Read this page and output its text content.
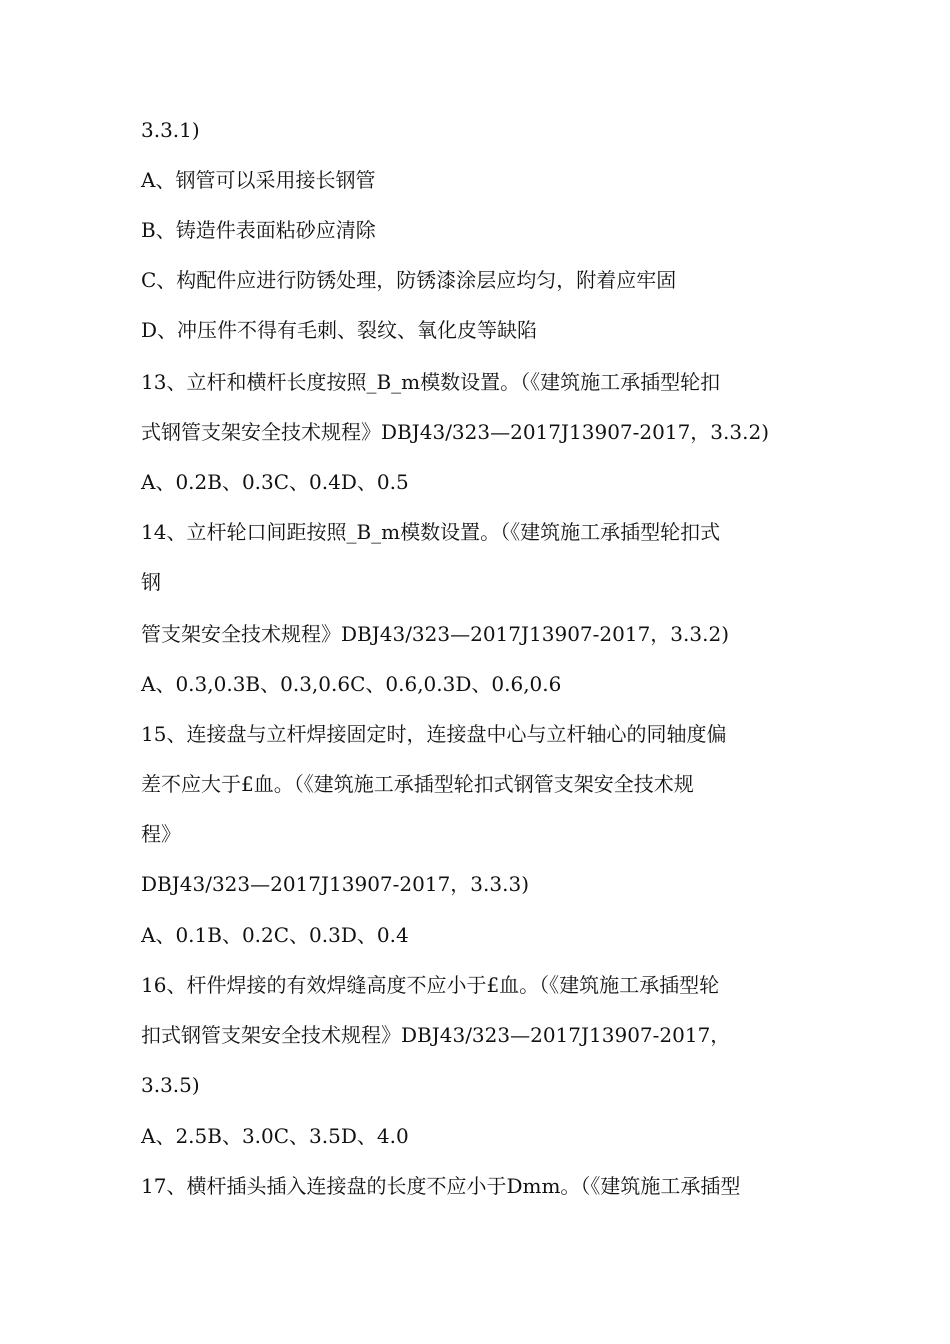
3.3.1)
A、钢管可以采用接长钢管
B、铸造件表面粘砂应清除
C、构配件应进行防锈处理，防锈漆涂层应均匀，附着应牢固
D、冲压件不得有毛刺、裂纹、氧化皮等缺陷
13、立杆和横杆长度按照_B_m模数设置。（《建筑施工承插型轮扣
式钢管支架安全技术规程》DBJ43/323—2017J13907-2017，3.3.2)
A、0.2B、0.3C、0.4D、0.5
14、立杆轮口间距按照_B_m模数设置。（《建筑施工承插型轮扣式
钢
管支架安全技术规程》DBJ43/323—2017J13907-2017，3.3.2)
A、0.3,0.3B、0.3,0.6C、0.6,0.3D、0.6,0.6
15、连接盘与立杆焊接固定时，连接盘中心与立杆轴心的同轴度偏
差不应大于£血。（《建筑施工承插型轮扣式钢管支架安全技术规
程》
DBJ43/323—2017J13907-2017，3.3.3)
A、0.1B、0.2C、0.3D、0.4
16、杆件焊接的有效焊缝高度不应小于£血。（《建筑施工承插型轮
扣式钢管支架安全技术规程》DBJ43/323—2017J13907-2017，
3.3.5)
A、2.5B、3.0C、3.5D、4.0
17、横杆插头插入连接盘的长度不应小于Dmm。（《建筑施工承插型
